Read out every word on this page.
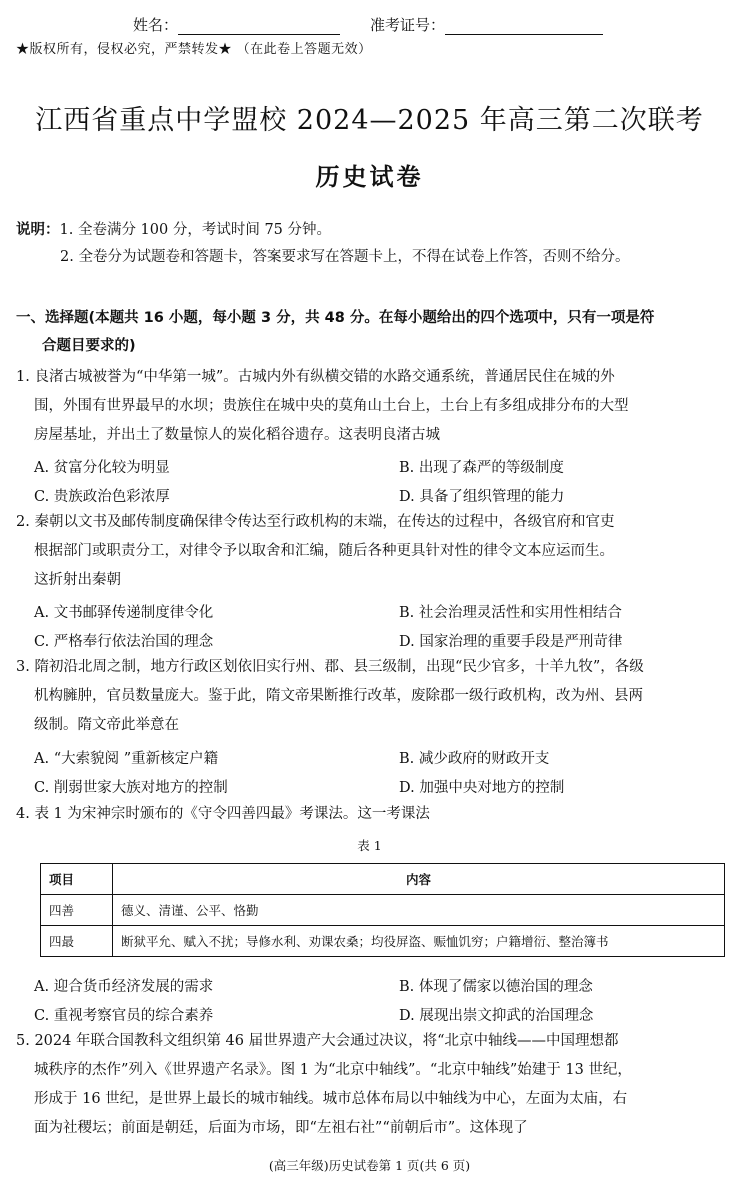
姓名：	准考证号：
★版权所有，侵权必究，严禁转发★ （在此卷上答题无效）
江西省重点中学盟校 2024—2025 年高三第二次联考
历史试卷
说明：1. 全卷满分 100 分，考试时间 75 分钟。
2. 全卷分为试题卷和答题卡，答案要求写在答题卡上，不得在试卷上作答，否则不给分。
一、选择题(本题共 16 小题，每小题 3 分，共 48 分。在每小题给出的四个选项中，只有一项是符
合题目要求的)
1. 良渚古城被誉为“中华第一城”。古城内外有纵横交错的水路交通系统，普通居民住在城的外
围，外围有世界最早的水坝；贵族住在城中央的莫角山土台上，土台上有多组成排分布的大型
房屋基址，并出土了数量惊人的炭化稻谷遗存。这表明良渚古城
A. 贫富分化较为明显	B. 出现了森严的等级制度
C. 贵族政治色彩浓厚	D. 具备了组织管理的能力
2. 秦朝以文书及邮传制度确保律令传达至行政机构的末端，在传达的过程中，各级官府和官吏
根据部门或职责分工，对律令予以取舍和汇编，随后各种更具针对性的律令文本应运而生。
这折射出秦朝
A. 文书邮驿传递制度律令化	B. 社会治理灵活性和实用性相结合
C. 严格奉行依法治国的理念	D. 国家治理的重要手段是严刑苛律
3. 隋初沿北周之制，地方行政区划依旧实行州、郡、县三级制，出现“民少官多，十羊九牧”，各级
机构臃肿，官员数量庞大。鉴于此，隋文帝果断推行改革，废除郡一级行政机构，改为州、县两
级制。隋文帝此举意在
A. “大索貌阅 ”重新核定户籍	B. 减少政府的财政开支
C. 削弱世家大族对地方的控制	D. 加强中央对地方的控制
4. 表 1 为宋神宗时颁布的《守令四善四最》考课法。这一考课法
表 1
项目	内容
四善	德义、清谨、公平、恪勤
四最	断狱平允、赋入不扰；导修水利、劝课农桑；均役屏盗、赈恤饥穷；户籍增衍、整治簿书
A. 迎合货币经济发展的需求	B. 体现了儒家以德治国的理念
C. 重视考察官员的综合素养	D. 展现出崇文抑武的治国理念
5. 2024 年联合国教科文组织第 46 届世界遗产大会通过决议，将“北京中轴线——中国理想都
城秩序的杰作”列入《世界遗产名录》。图 1 为“北京中轴线”。“北京中轴线”始建于 13 世纪，
形成于 16 世纪，是世界上最长的城市轴线。城市总体布局以中轴线为中心，左面为太庙，右
面为社稷坛；前面是朝廷，后面为市场，即“左祖右社”“前朝后市”。这体现了
(高三年级)历史试卷第 1 页(共 6 页)
